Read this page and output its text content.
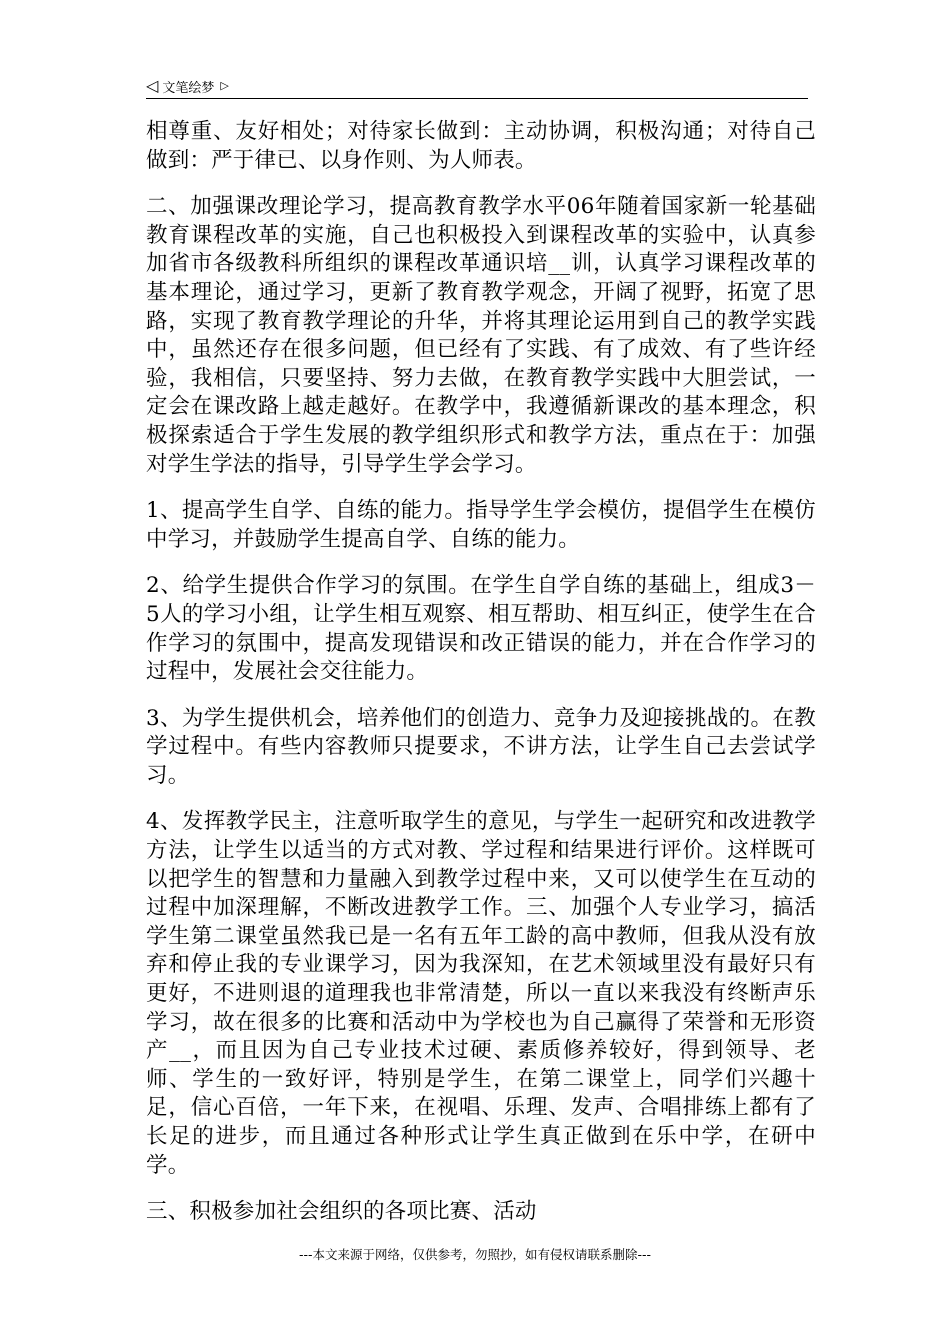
◁ 文笔绘梦 ▷

相尊重、友好相处；对待家长做到：主动协调，积极沟通；对待自己做到：严于律已、以身作则、为人师表。

二、加强课改理论学习，提高教育教学水平06年随着国家新一轮基础教育课程改革的实施，自己也积极投入到课程改革的实验中，认真参加省市各级教科所组织的课程改革通识培__训，认真学习课程改革的基本理论，通过学习，更新了教育教学观念，开阔了视野，拓宽了思路，实现了教育教学理论的升华，并将其理论运用到自己的教学实践中，虽然还存在很多问题，但已经有了实践、有了成效、有了些许经验，我相信，只要坚持、努力去做，在教育教学实践中大胆尝试，一定会在课改路上越走越好。在教学中，我遵循新课改的基本理念，积极探索适合于学生发展的教学组织形式和教学方法，重点在于：加强对学生学法的指导，引导学生学会学习。

1、提高学生自学、自练的能力。指导学生学会模仿，提倡学生在模仿中学习，并鼓励学生提高自学、自练的能力。

2、给学生提供合作学习的氛围。在学生自学自练的基础上，组成3－5人的学习小组，让学生相互观察、相互帮助、相互纠正，使学生在合作学习的氛围中，提高发现错误和改正错误的能力，并在合作学习的过程中，发展社会交往能力。

3、为学生提供机会，培养他们的创造力、竞争力及迎接挑战的。在教学过程中。有些内容教师只提要求，不讲方法，让学生自己去尝试学习。

4、发挥教学民主，注意听取学生的意见，与学生一起研究和改进教学方法，让学生以适当的方式对教、学过程和结果进行评价。这样既可以把学生的智慧和力量融入到教学过程中来，又可以使学生在互动的过程中加深理解，不断改进教学工作。三、加强个人专业学习，搞活学生第二课堂虽然我已是一名有五年工龄的高中教师，但我从没有放弃和停止我的专业课学习，因为我深知，在艺术领域里没有最好只有更好，不进则退的道理我也非常清楚，所以一直以来我没有终断声乐学习，故在很多的比赛和活动中为学校也为自己赢得了荣誉和无形资产__，而且因为自己专业技术过硬、素质修养较好，得到领导、老师、学生的一致好评，特别是学生，在第二课堂上，同学们兴趣十足，信心百倍，一年下来，在视唱、乐理、发声、合唱排练上都有了长足的进步，而且通过各种形式让学生真正做到在乐中学，在研中学。

三、积极参加社会组织的各项比赛、活动

---本文来源于网络，仅供参考，勿照抄，如有侵权请联系删除---
